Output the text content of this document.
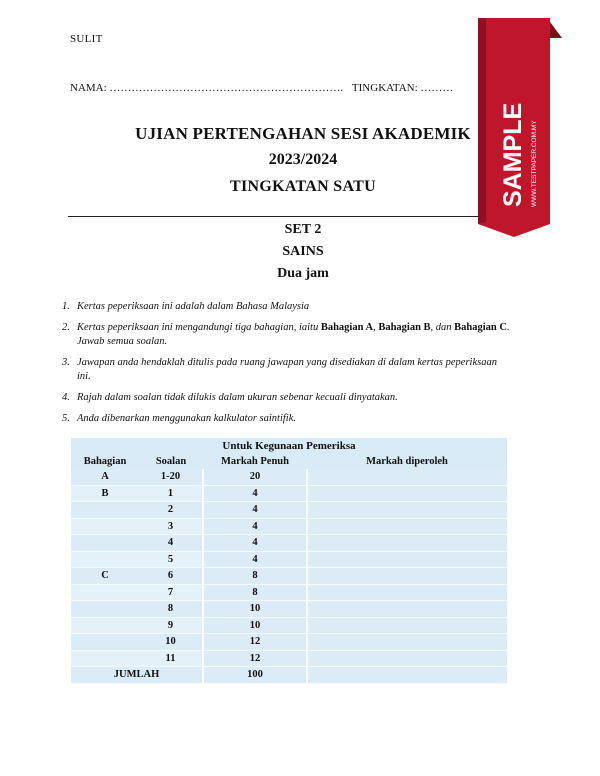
SULIT
NAMA: ………………………………………………………. TINGKATAN: ………
UJIAN PERTENGAHAN SESI AKADEMIK
2023/2024
TINGKATAN SATU
SET 2
SAINS
Dua jam
1. Kertas peperiksaan ini adalah dalam Bahasa Malaysia
2. Kertas peperiksaan ini mengandungi tiga bahagian, iaitu Bahagian A, Bahagian B, dan Bahagian C. Jawab semua soalan.
3. Jawapan anda hendaklah ditulis pada ruang jawapan yang disediakan di dalam kertas peperiksaan ini.
4. Rajah dalam soalan tidak dilukis dalam ukuran sebenar kecuali dinyatakan.
5. Anda dibenarkan menggunakan kalkulator saintifik.
Untuk Kegunaan Pemeriksa			
Bahagian	Soalan	Markah Penuh	Markah diperoleh
A	1-20	20	
B	1	4	
	2	4	
	3	4	
	4	4	
	5	4	
C	6	8	
	7	8	
	8	10	
	9	10	
	10	12	
	11	12	
JUMLAH		100	
SAMPLE WWW.TESTPAPER.COM.MY
